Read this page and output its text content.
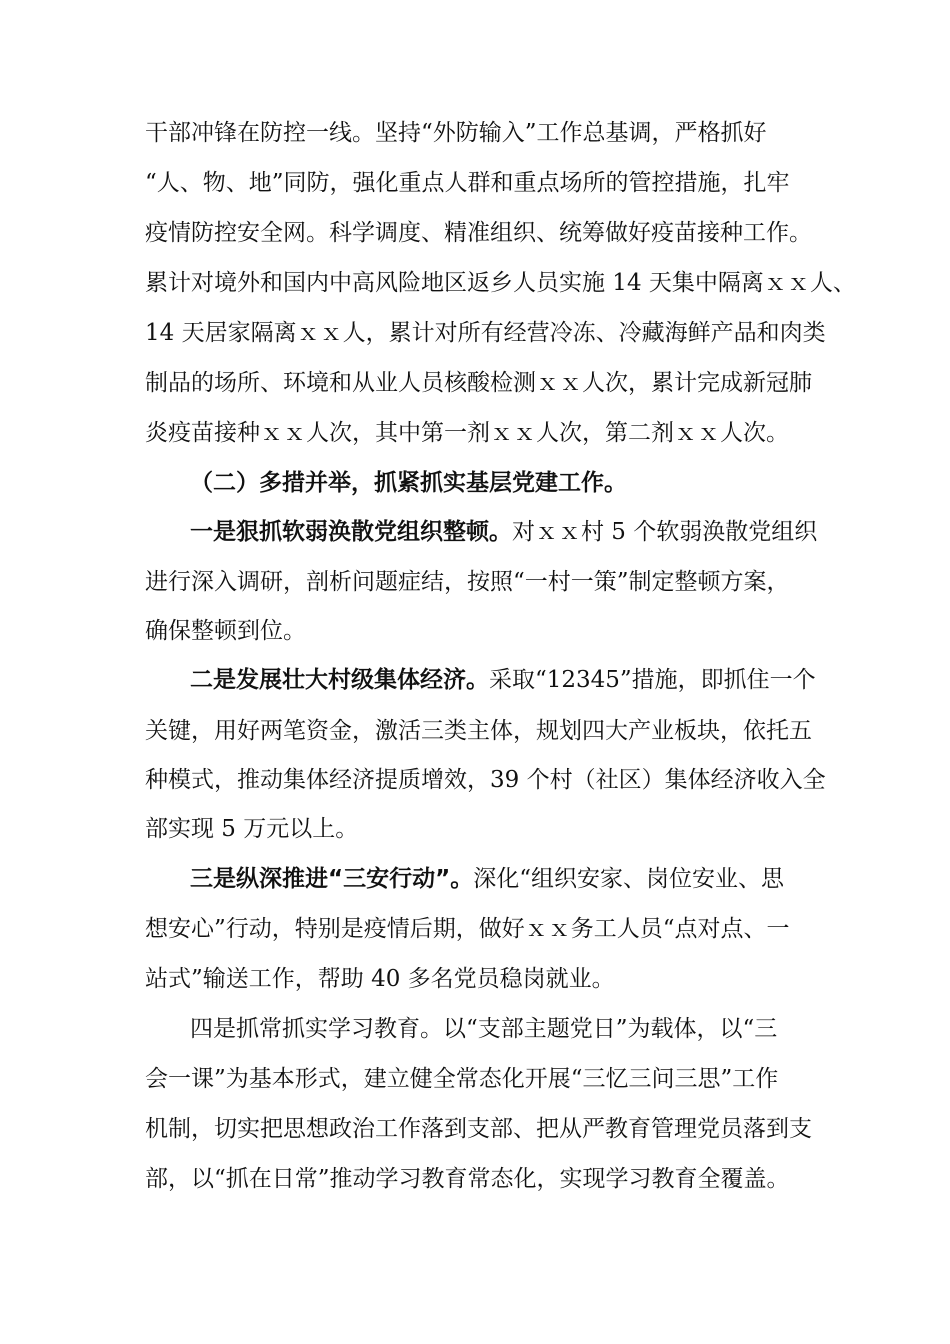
干部冲锋在防控一线。坚持“外防输入”工作总基调，严格抓好
“人、物、地”同防，强化重点人群和重点场所的管控措施，扎牢
疫情防控安全网。科学调度、精准组织、统筹做好疫苗接种工作。
累计对境外和国内中高风险地区返乡人员实施 14 天集中隔离ｘｘ人、
14 天居家隔离ｘｘ人，累计对所有经营冷冻、冷藏海鲜产品和肉类
制品的场所、环境和从业人员核酸检测ｘｘ人次，累计完成新冠肺
炎疫苗接种ｘｘ人次，其中第一剂ｘｘ人次，第二剂ｘｘ人次。
（二）多措并举，抓紧抓实基层党建工作。
一是狠抓软弱涣散党组织整顿。对ｘｘ村 5 个软弱涣散党组织
进行深入调研，剖析问题症结，按照“一村一策”制定整顿方案，
确保整顿到位。
二是发展壮大村级集体经济。采取“12345”措施，即抓住一个
关键，用好两笔资金，激活三类主体，规划四大产业板块，依托五
种模式，推动集体经济提质增效，39 个村（社区）集体经济收入全
部实现 5 万元以上。
三是纵深推进“三安行动”。深化“组织安家、岗位安业、思
想安心”行动，特别是疫情后期，做好ｘｘ务工人员“点对点、一
站式”输送工作，帮助 40 多名党员稳岗就业。
四是抓常抓实学习教育。以“支部主题党日”为载体，以“三
会一课”为基本形式，建立健全常态化开展“三忆三问三思”工作
机制，切实把思想政治工作落到支部、把从严教育管理党员落到支
部，以“抓在日常”推动学习教育常态化，实现学习教育全覆盖。
